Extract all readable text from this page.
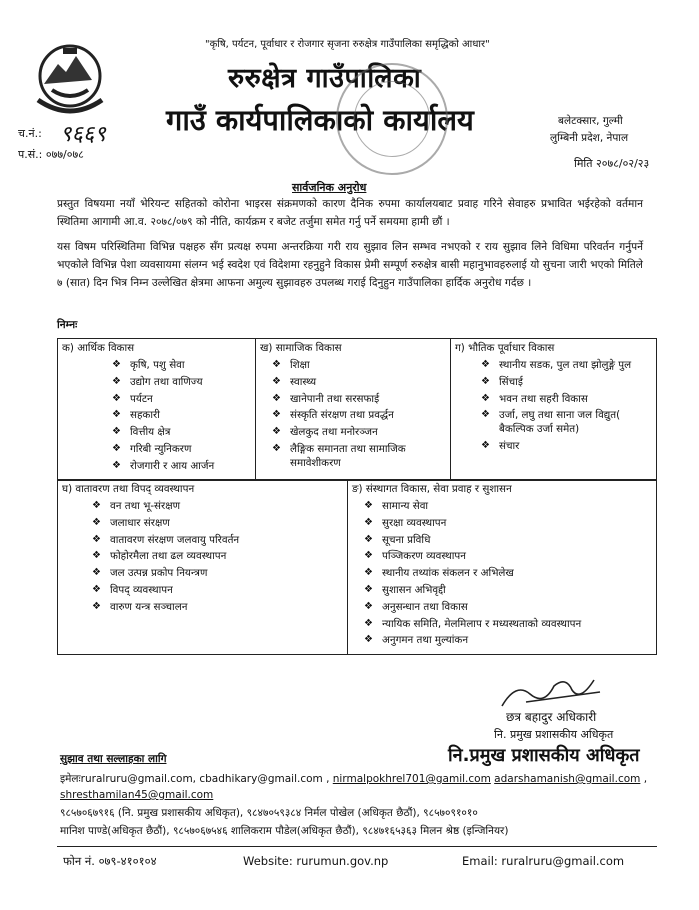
"कृषि, पर्यटन, पूर्वाधार र रोजगार सृजना रुरुक्षेत्र गाउँपालिका समृद्धिको आधार"
रुरुक्षेत्र गाउँपालिका
गाउँ कार्यपालिकाको कार्यालय	बलेटक्सार, गुल्मी
लुम्बिनी प्रदेश, नेपाल
च.नं.: ९६६९
प.सं.: ०७७/०७८
मिति २०७८/०२/२३
सार्वजनिक अनुरोध
प्रस्तुत विषयमा नयाँ भेरियन्ट सहितको कोरोना भाइरस संक्रमणको कारण दैनिक रुपमा कार्यालयबाट प्रवाह गरिने सेवाहरु प्रभावित भईरहेको वर्तमान स्थितिमा आगामी आ.व. २०७८/०७९ को नीति, कार्यक्रम र बजेट तर्जुमा समेत गर्नु पर्ने समयमा हामी छौं ।
यस विषम परिस्थितिमा विभिन्न पक्षहरु सँग प्रत्यक्ष रुपमा अन्तरक्रिया गरी राय सुझाव लिन सम्भव नभएको र राय सुझाव लिने विधिमा परिवर्तन गर्नुपर्ने भएकोले विभिन्न पेशा व्यवसायमा संलग्न भई स्वदेश एवं विदेशमा रहनुहुने विकास प्रेमी सम्पूर्ण रुरुक्षेत्र बासी महानुभावहरुलाई यो सुचना जारी भएको मितिले ७ (सात) दिन भित्र निम्न उल्लेखित क्षेत्रमा आफना अमुल्य सुझावहरु उपलब्ध गराई दिनुहुन गाउँपालिका हार्दिक अनुरोध गर्दछ ।
निम्नः
क) आर्थिक विकास
❖ कृषि, पशु सेवा
❖ उद्योग तथा वाणिज्य
❖ पर्यटन
❖ सहकारी
❖ वित्तीय क्षेत्र
❖ गरिबी न्युनिकरण
❖ रोजगारी र आय आर्जन

ख) सामाजिक विकास
❖ शिक्षा
❖ स्वास्थ्य
❖ खानेपानी तथा सरसफाई
❖ संस्कृति संरक्षण तथा प्रवर्द्धन
❖ खेलकुद तथा मनोरञ्जन
❖ लैङ्गिक समानता तथा सामाजिक समावेशीकरण

ग) भौतिक पूर्वाधार विकास
❖ स्थानीय सडक, पुल तथा झोलुङ्गे पुल
❖ सिंचाई
❖ भवन तथा सहरी विकास
❖ उर्जा, लघु तथा साना जल विद्युत( बैकल्पिक उर्जा समेत)
❖ संचार
घ) वातावरण तथा विपद् व्यवस्थापन
❖ वन तथा भू-संरक्षण
❖ जलाधार संरक्षण
❖ वातावरण संरक्षण जलवायु परिवर्तन
❖ फोहोरमैला तथा ढल व्यवस्थापन
❖ जल उत्पन्न प्रकोप नियन्त्रण
❖ विपद् व्यवस्थापन
❖ वारुण यन्त्र सञ्चालन

ङ) संस्थागत विकास, सेवा प्रवाह र सुशासन
❖ सामान्य सेवा
❖ सुरक्षा व्यवस्थापन
❖ सूचना प्रविधि
❖ पञ्जिकरण व्यवस्थापन
❖ स्थानीय तथ्यांक संकलन र अभिलेख
❖ सुशासन अभिवृद्दी
❖ अनुसन्धान तथा विकास
❖ न्यायिक समिति, मेलमिलाप र मध्यस्थताको व्यवस्थापन
❖ अनुगमन तथा मुल्यांकन
छत्र बहादुर अधिकारी
नि. प्रमुख प्रशासकीय अधिकृत
नि.प्रमुख प्रशासकीय अधिकृत
सुझाव तथा सल्लाहका लागि
इमेलःruralruru@gmail.com, cbadhikary@gmail.com , nirmalpokhrel701@gamil.com adarshamanish@gmail.com ,
shresthamilan45@gmail.com
९८५७०६७९१६ (नि. प्रमुख प्रशासकीय अधिकृत), ९८४७०५९३८४ निर्मल पोखेल (अधिकृत छैठौं), ९८५७०९१०१०
मानिश पाण्डे(अधिकृत छैठौं), ९८५७०६७५४६ शालिकराम पौडेल(अधिकृत छैठौं), ९८४७१६५३६३ मिलन श्रेष्ठ (इन्जिनियर)
फोन नं. ०७९-४१०१०४	Website: rurumun.gov.np	Email: ruralruru@gmail.com
